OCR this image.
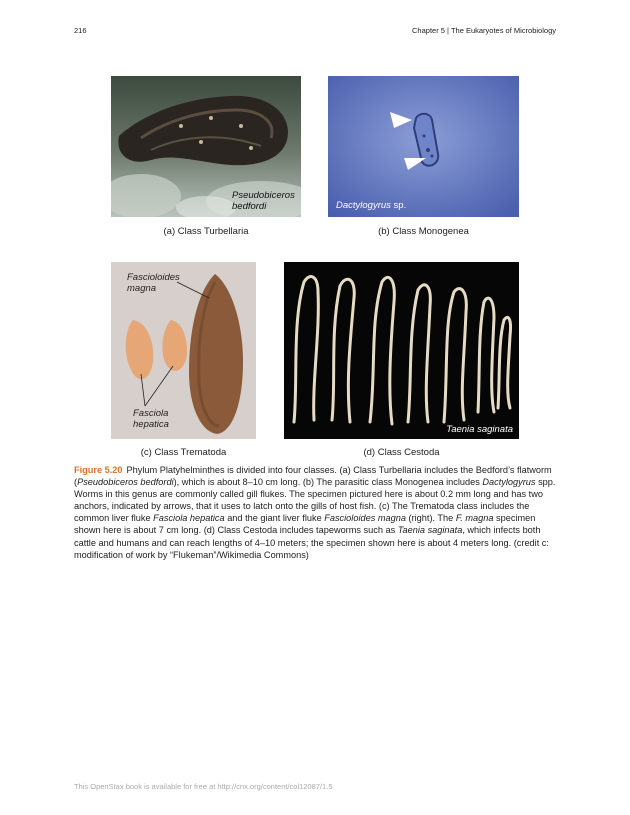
216	Chapter 5 | The Eukaryotes of Microbiology
Pseudobiceros
bedfordi
(a) Class Turbellaria
Dactylogyrus sp.
(b) Class Monogenea
Fascioloides
magna
Fasciola
hepatica
(c) Class Trematoda
Taenia saginata
(d) Class Cestoda
Figure 5.20 Phylum Platyhelminthes is divided into four classes. (a) Class Turbellaria includes the Bedford’s flatworm (Pseudobiceros bedfordi), which is about 8–10 cm long. (b) The parasitic class Monogenea includes Dactylogyrus spp. Worms in this genus are commonly called gill flukes. The specimen pictured here is about 0.2 mm long and has two anchors, indicated by arrows, that it uses to latch onto the gills of host fish. (c) The Trematoda class includes the common liver fluke Fasciola hepatica and the giant liver fluke Fascioloides magna (right). The F. magna specimen shown here is about 7 cm long. (d) Class Cestoda includes tapeworms such as Taenia saginata, which infects both cattle and humans and can reach lengths of 4–10 meters; the specimen shown here is about 4 meters long. (credit c: modification of work by “Flukeman”/Wikimedia Commons)
This OpenStax book is available for free at http://cnx.org/content/col12087/1.5
